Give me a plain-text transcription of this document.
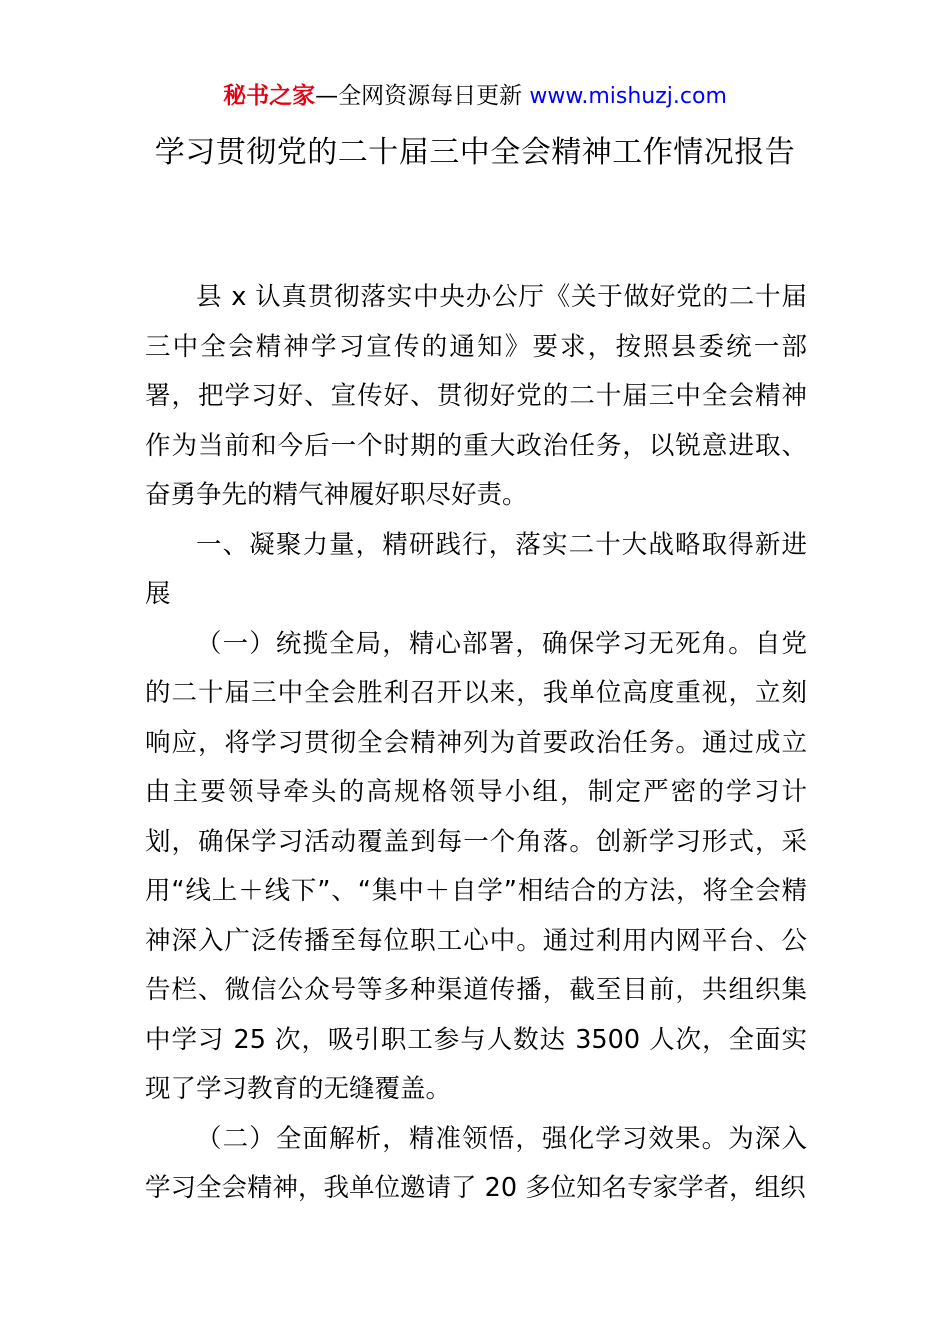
秘书之家—全网资源每日更新 www.mishuzj.com
学习贯彻党的二十届三中全会精神工作情况报告

县 x 认真贯彻落实中央办公厅《关于做好党的二十届三中全会精神学习宣传的通知》要求，按照县委统一部署，把学习好、宣传好、贯彻好党的二十届三中全会精神作为当前和今后一个时期的重大政治任务，以锐意进取、奋勇争先的精气神履好职尽好责。

一、凝聚力量，精研践行，落实二十大战略取得新进展

（一）统揽全局，精心部署，确保学习无死角。自党的二十届三中全会胜利召开以来，我单位高度重视，立刻响应，将学习贯彻全会精神列为首要政治任务。通过成立由主要领导牵头的高规格领导小组，制定严密的学习计划，确保学习活动覆盖到每一个角落。创新学习形式，采用“线上＋线下”、“集中＋自学”相结合的方法，将全会精神深入广泛传播至每位职工心中。通过利用内网平台、公告栏、微信公众号等多种渠道传播，截至目前，共组织集中学习 25 次，吸引职工参与人数达 3500 人次，全面实现了学习教育的无缝覆盖。

（二）全面解析，精准领悟，强化学习效果。为深入学习全会精神，我单位邀请了 20 多位知名专家学者，组织
